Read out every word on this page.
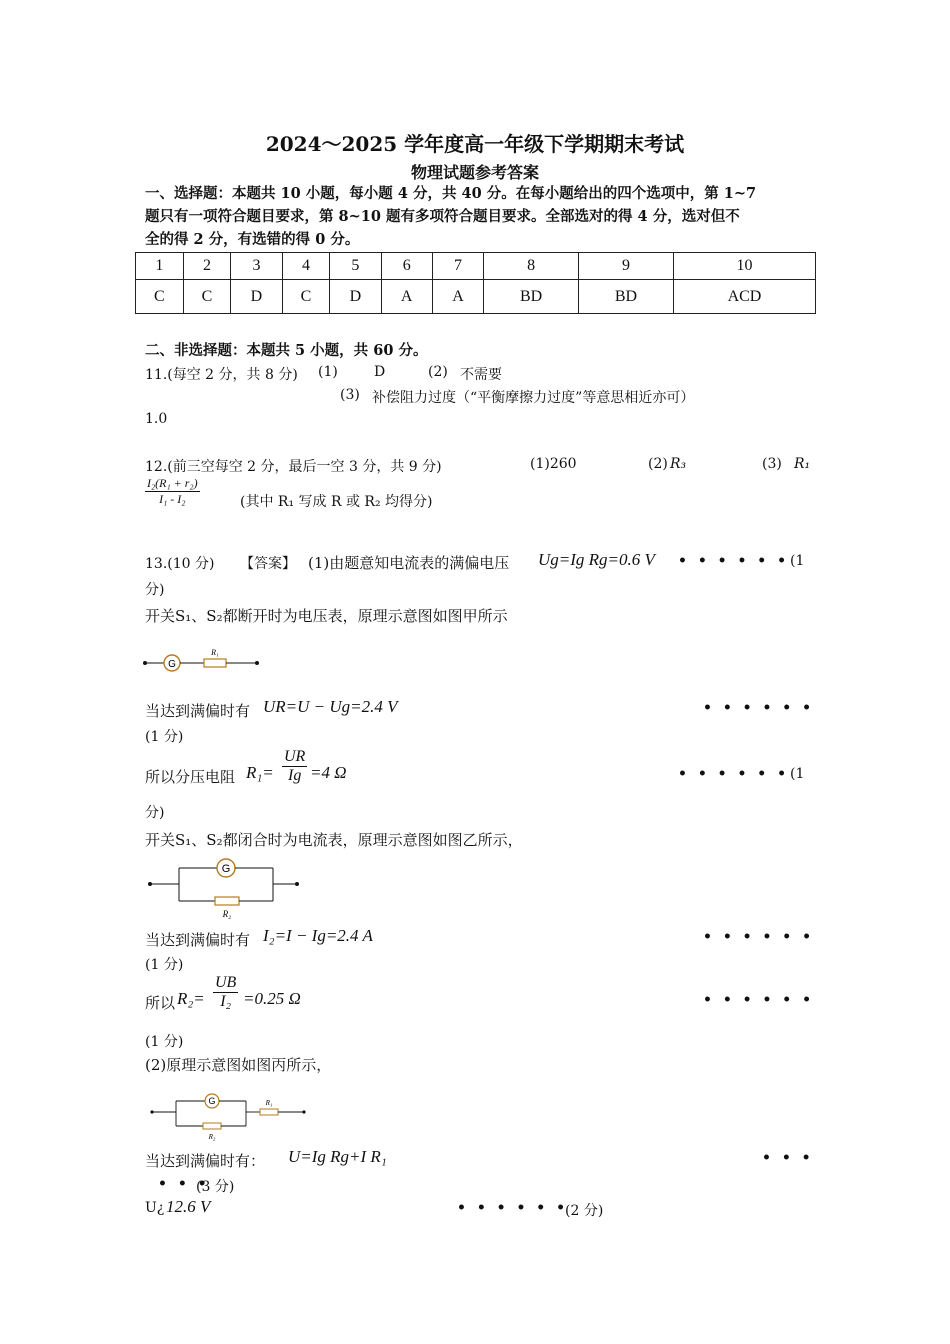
2024～2025 学年度高一年级下学期期末考试
物理试题参考答案
一、选择题：本题共 10 小题，每小题 4 分，共 40 分。在每小题给出的四个选项中，第 1~7
题只有一项符合题目要求，第 8~10 题有多项符合题目要求。全部选对的得 4 分，选对但不
全的得 2 分，有选错的得 0 分。
1	2	3	4	5	6	7	8	9	10
C	C	D	C	D	A	A	BD	BD	ACD
二、非选择题：本题共 5 小题，共 60 分。
11.(每空 2 分，共 8 分) (1)	D	(2) 不需要
(3) 补偿阻力过度（“平衡摩擦力过度”等意思相近亦可）
1.0
12.(前三空每空 2 分，最后一空 3 分，共 9 分)	(1)260	(2) R₃	(3) R₁
$\frac{\text{I₂(R₁ + r₂)}}{\text{I₁ - I₂}}$	(其中 R₁ 写成 R 或 R₂ 均得分)
13.(10 分) 【答案】 (1)由题意知电流表的满偏电压 Ug=Ig Rg=0.6 V • • • • • • (1
分)
开关S₁、S₂都断开时为电压表，原理示意图如图甲所示
G
R₁
当达到满偏时有 UR=U − Ug=2.4 V	• • • • • •
(1 分)
所以分压电阻 $R_1= \frac{UR}{Ig} =4$ Ω	• • • • • • (1
分)
开关S₁、S₂都闭合时为电流表，原理示意图如图乙所示，
G
R₂
当达到满偏时有 I₂=I − Ig=2.4 A	• • • • • •
(1 分)
所以 $R_2= \frac{UB}{\text{I₂}} =0.25$ Ω	• • • • • •
(1 分)
(2)原理示意图如图丙所示，
G
R₂
R₁
当达到满偏时有： U=Ig Rg+I R₁	• • •
• • •
(3 分)
U¿ 12.6 V	• • • • • •
(2 分)
